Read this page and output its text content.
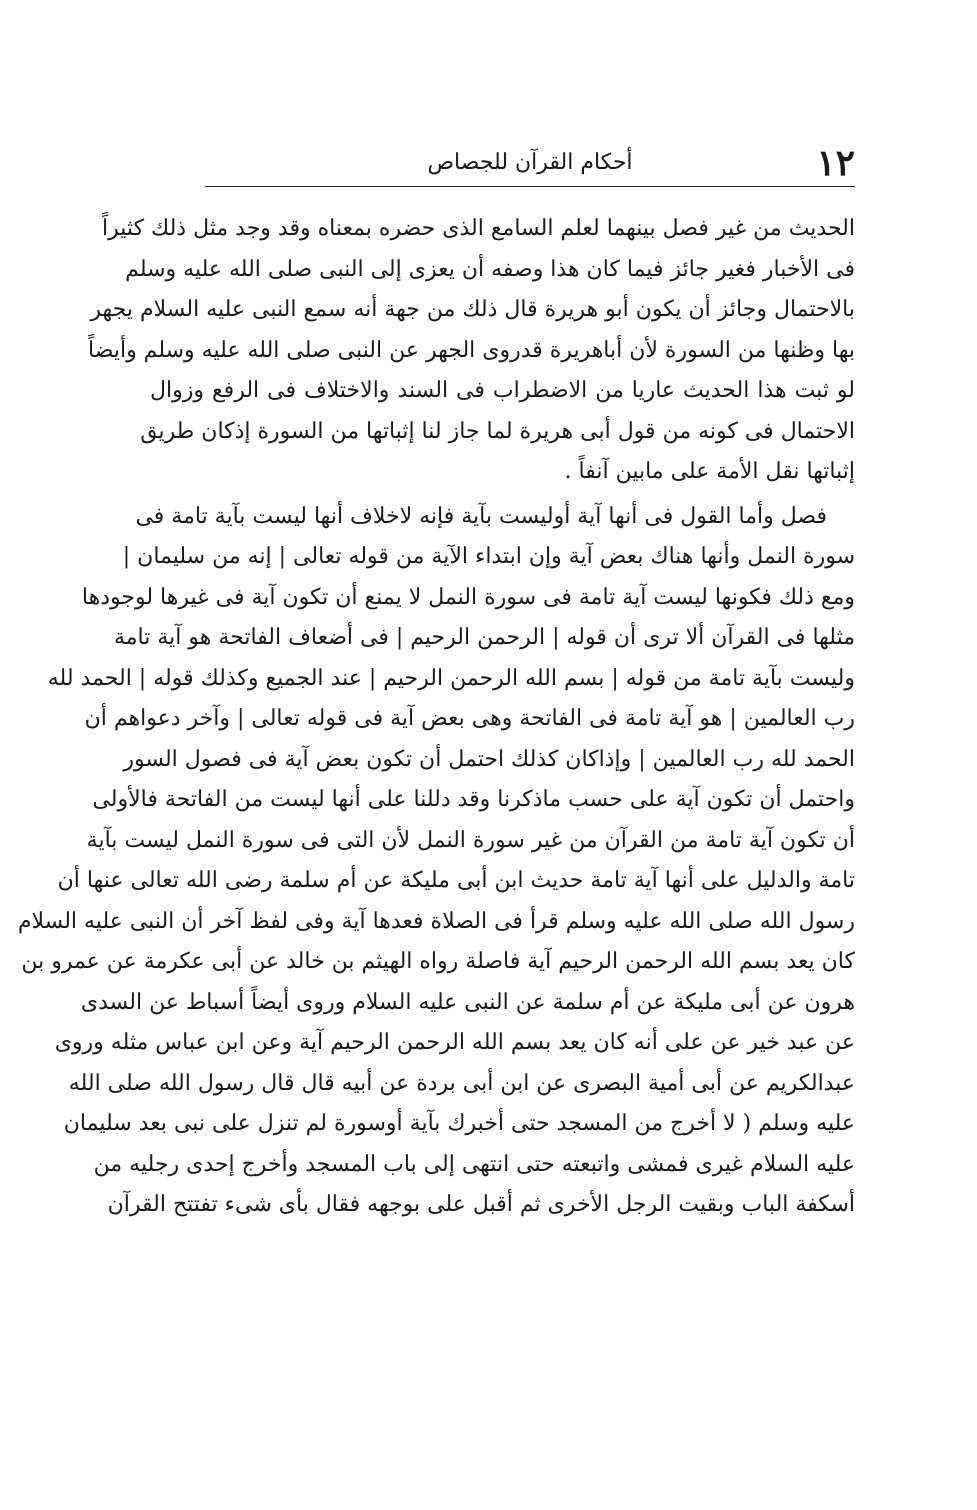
١٢
أحكام القرآن للجصاص
الحديث من غير فصل بينهما لعلم السامع الذى حضره بمعناه وقد وجد مثل ذلك كثيراً
فى الأخبار فغير جائز فيما كان هذا وصفه أن يعزى إلى النبى صلى الله عليه وسلم
بالاحتمال وجائز أن يكون أبو هريرة قال ذلك من جهة أنه سمع النبى عليه السلام يجهر
بها وظنها من السورة لأن أباهريرة قدروى الجهر عن النبى صلى الله عليه وسلم وأيضاً
لو ثبت هذا الحديث عاريا من الاضطراب فى السند والاختلاف فى الرفع وزوال
الاحتمال فى كونه من قول أبى هريرة لما جاز لنا إثباتها من السورة إذكان طريق
إثباتها نقل الأمة على مابين آنفاً .
فصل وأما القول فى أنها آية أوليست بآية فإنه لاخلاف أنها ليست بآية تامة فى
سورة النمل وأنها هناك بعض آية وإن ابتداء الآية من قوله تعالى | إنه من سليمان |
ومع ذلك فكونها ليست آية تامة فى سورة النمل لا يمنع أن تكون آية فى غيرها لوجودها
مثلها فى القرآن ألا ترى أن قوله | الرحمن الرحيم | فى أضعاف الفاتحة هو آية تامة
وليست بآية تامة من قوله | بسم الله الرحمن الرحيم | عند الجميع وكذلك قوله | الحمد لله
رب العالمين | هو آية تامة فى الفاتحة وهى بعض آية فى قوله تعالى | وآخر دعواهم أن
الحمد لله رب العالمين | وإذاكان كذلك احتمل أن تكون بعض آية فى فصول السور
واحتمل أن تكون آية على حسب ماذكرنا وقد دللنا على أنها ليست من الفاتحة فالأولى
أن تكون آية تامة من القرآن من غير سورة النمل لأن التى فى سورة النمل ليست بآية
تامة والدليل على أنها آية تامة حديث ابن أبى مليكة عن أم سلمة رضى الله تعالى عنها أن
رسول الله صلى الله عليه وسلم قرأ فى الصلاة فعدها آية وفى لفظ آخر أن النبى عليه السلام
كان يعد بسم الله الرحمن الرحيم آية فاصلة رواه الهيثم بن خالد عن أبى عكرمة عن عمرو بن
هرون عن أبى مليكة عن أم سلمة عن النبى عليه السلام وروى أيضاً أسباط عن السدى
عن عبد خير عن على أنه كان يعد بسم الله الرحمن الرحيم آية وعن ابن عباس مثله وروى
عبدالكريم عن أبى أمية البصرى عن ابن أبى بردة عن أبيه قال قال رسول الله صلى الله
عليه وسلم ( لا أخرج من المسجد حتى أخبرك بآية أوسورة لم تنزل على نبى بعد سليمان
عليه السلام غيرى فمشى واتبعته حتى انتهى إلى باب المسجد وأخرج إحدى رجليه من
أسكفة الباب وبقيت الرجل الأخرى ثم أقبل على بوجهه فقال بأى شىء تفتتح القرآن
